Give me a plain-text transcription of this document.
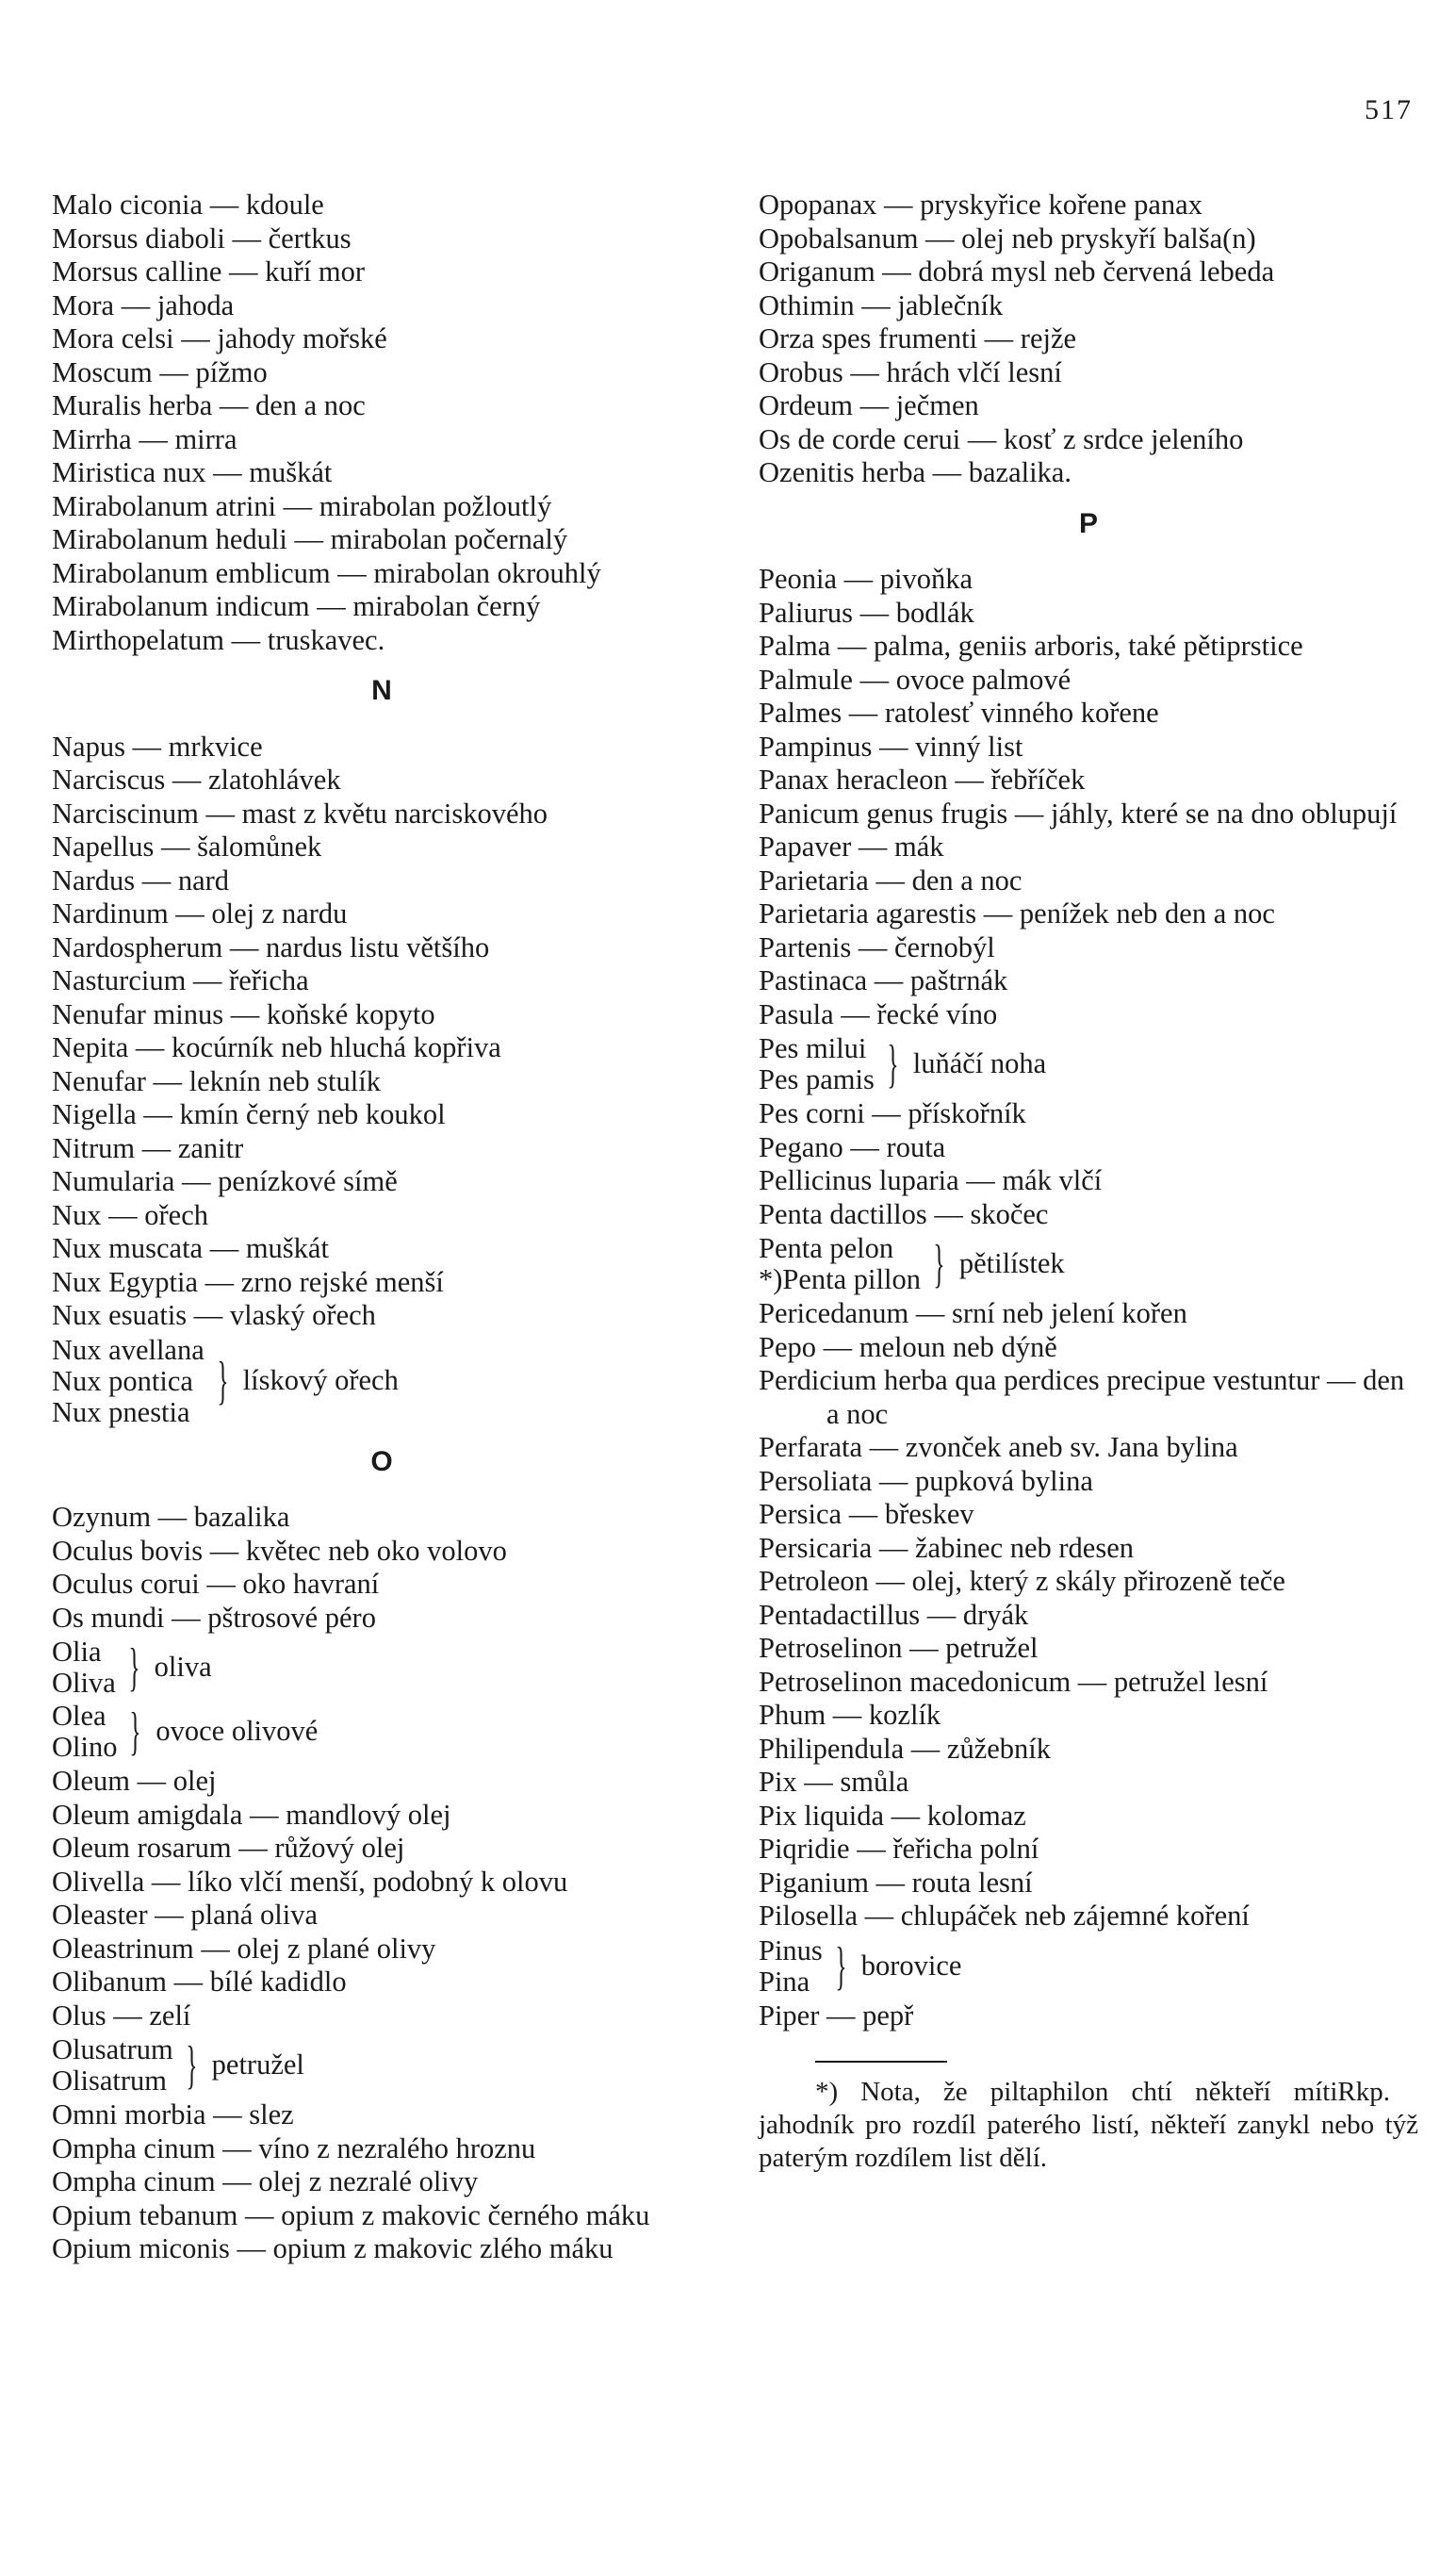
517
Malo ciconia — kdoule
Morsus diaboli — čertkus
Morsus calline — kuří mor
Mora — jahoda
Mora celsi — jahody mořské
Moscum — pížmo
Muralis herba — den a noc
Mirrha — mirra
Miristica nux — muškát
Mirabolanum atrini — mirabolan požloutlý
Mirabolanum heduli — mirabolan počernalý
Mirabolanum emblicum — mirabolan okrouhlý
Mirabolanum indicum — mirabolan černý
Mirthopelatum — truskavec.
N
Napus — mrkvice
Narciscus — zlatohlávek
Narciscinum — mast z květu narciskového
Napellus — šalomůnek
Nardus — nard
Nardinum — olej z nardu
Nardospherum — nardus listu většího
Nasturcium — řeřicha
Nenufar minus — koňské kopyto
Nepita — kocúrník neb hluchá kopřiva
Nenufar — leknín neb stulík
Nigella — kmín černý neb koukol
Nitrum — zanitr
Numularia — penízkové símě
Nux — ořech
Nux muscata — muškát
Nux Egyptia — zrno rejské menší
Nux esuatis — vlaský ořech
Nux avellana
Nux pontica
Nux pnestia
} lískový ořech
O
Ozynum — bazalika
Oculus bovis — květec neb oko volovo
Oculus corui — oko havraní
Os mundi — pštrosové péro
Olia
Oliva } oliva
Olea
Olino } ovoce olivové
Oleum — olej
Oleum amigdala — mandlový olej
Oleum rosarum — růžový olej
Olivella — líko vlčí menší, podobný k olovu
Oleaster — planá oliva
Oleastrinum — olej z plané olivy
Olibanum — bílé kadidlo
Olus — zelí
Olusatrum
Olisatrum } petružel
Omni morbia — slez
Ompha cinum — víno z nezralého hroznu
Ompha cinum — olej z nezralé olivy
Opium tebanum — opium z makovic černého máku
Opium miconis — opium z makovic zlého máku
Opopanax — pryskyřice kořene panax
Opobalsanum — olej neb pryskyří balša(n)
Origanum — dobrá mysl neb červená lebeda
Othimin — jablečník
Orza spes frumenti — rejže
Orobus — hrách vlčí lesní
Ordeum — ječmen
Os de corde cerui — kosť z srdce jeleního
Ozenitis herba — bazalika.
P
Peonia — pivoňka
Paliurus — bodlák
Palma — palma, geniis arboris, také pětiprstice
Palmule — ovoce palmové
Palmes — ratolesť vinného kořene
Pampinus — vinný list
Panax heracleon — řebříček
Panicum genus frugis — jáhly, které se na dno oblupují
Papaver — mák
Parietaria — den a noc
Parietaria agarestis — penížek neb den a noc
Partenis — černobýl
Pastinaca — paštrnák
Pasula — řecké víno
Pes milui
Pes pamis } luňáčí noha
Pes corni — přískořník
Pegano — routa
Pellicinus luparia — mák vlčí
Penta dactillos — skočec
Penta pelon
*)Penta pillon } pětilístek
Pericedanum — srní neb jelení kořen
Pepo — meloun neb dýně
Perdicium herba qua perdices precipue vestuntur — den a noc
Perfarata — zvonček aneb sv. Jana bylina
Persoliata — pupková bylina
Persica — břeskev
Persicaria — žabinec neb rdesen
Petroleon — olej, který z skály přirozeně teče
Pentadactillus — dryák
Petroselinon — petružel
Petroselinon macedonicum — petružel lesní
Phum — kozlík
Philipendula — zůžebník
Pix — smůla
Pix liquida — kolomaz
Piqridie — řeřicha polní
Piganium — routa lesní
Pilosella — chlupáček neb zájemné koření
Pinus
Pina } borovice
Piper — pepř
Rkp.
*) Nota, že piltaphilon chtí někteří míti jahodník pro rozdíl paterého listí, někteří zanykl nebo týž paterým rozdílem list dělí.
